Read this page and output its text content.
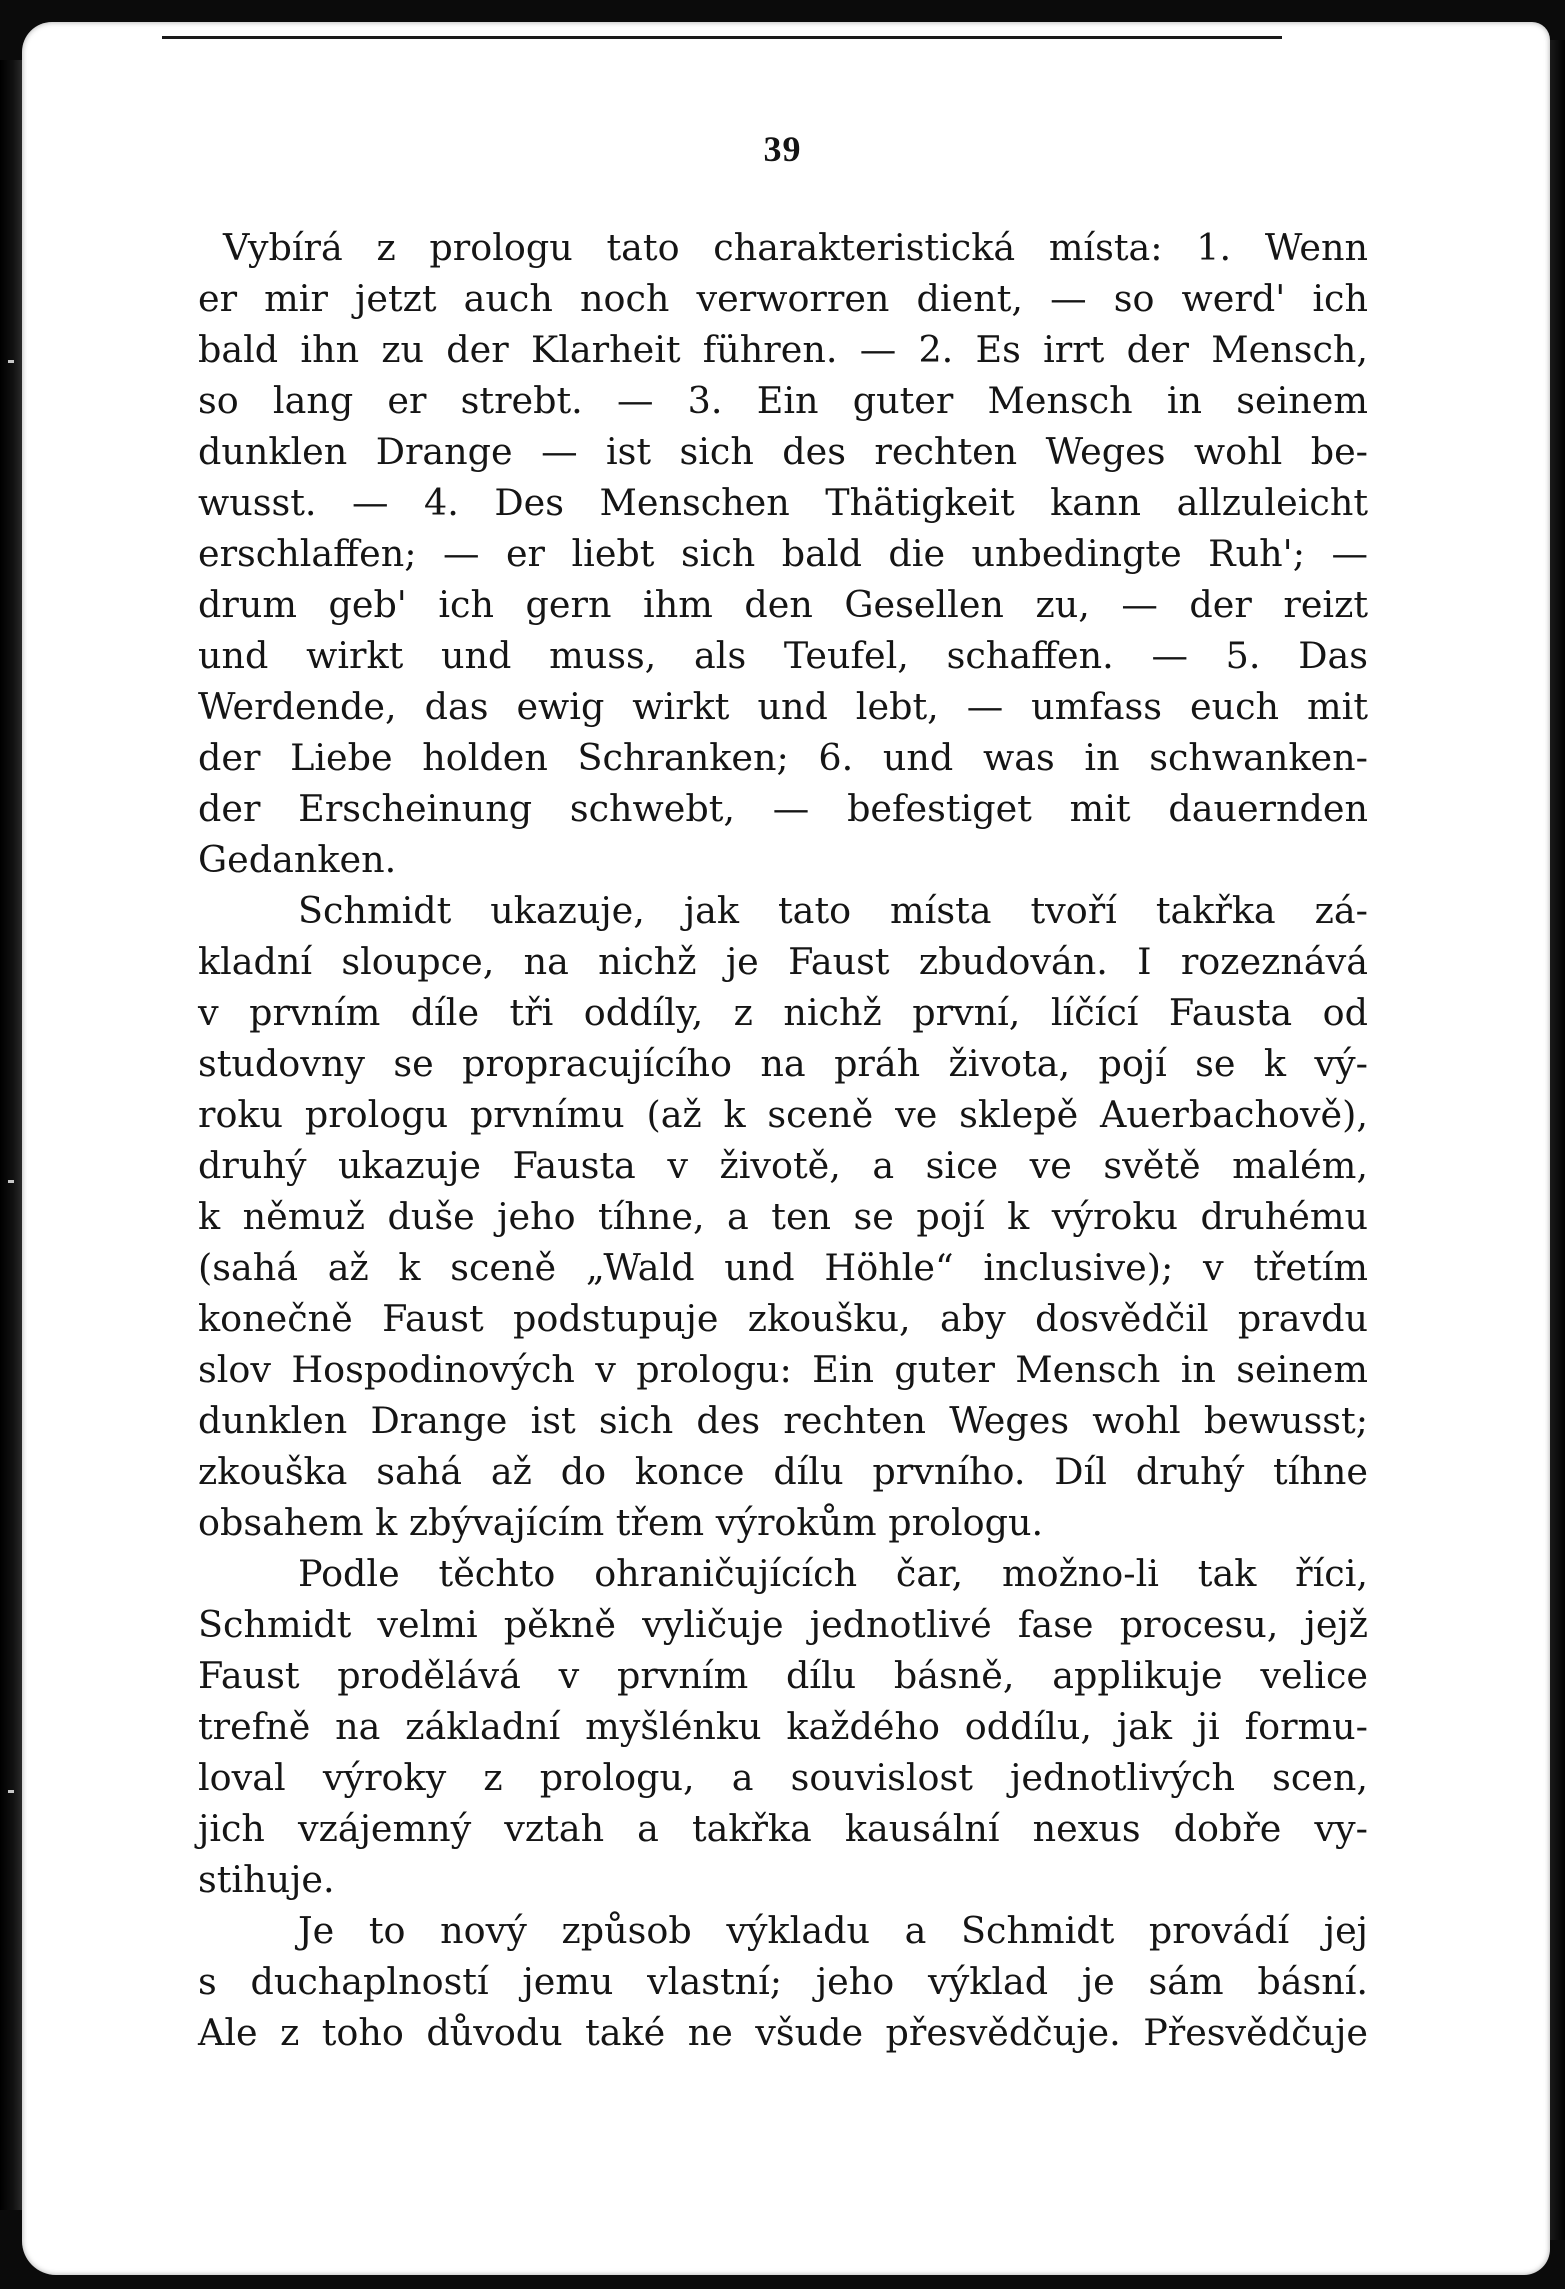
39
Vybírá z prologu tato charakteristická místa: 1. Wenn
er mir jetzt auch noch verworren dient, — so werd' ich
bald ihn zu der Klarheit führen. — 2. Es irrt der Mensch,
so lang er strebt. — 3. Ein guter Mensch in seinem
dunklen Drange — ist sich des rechten Weges wohl be-
wusst. — 4. Des Menschen Thätigkeit kann allzuleicht
erschlaffen; — er liebt sich bald die unbedingte Ruh'; —
drum geb' ich gern ihm den Gesellen zu, — der reizt
und wirkt und muss, als Teufel, schaffen. — 5. Das
Werdende, das ewig wirkt und lebt, — umfass euch mit
der Liebe holden Schranken; 6. und was in schwanken-
der Erscheinung schwebt, — befestiget mit dauernden
Gedanken.
Schmidt ukazuje, jak tato místa tvoří takřka zá-
kladní sloupce, na nichž je Faust zbudován. I rozeznává
v prvním díle tři oddíly, z nichž první, líčící Fausta od
studovny se propracujícího na práh života, pojí se k vý-
roku prologu prvnímu (až k sceně ve sklepě Auerbachově),
druhý ukazuje Fausta v životě, a sice ve světě malém,
k němuž duše jeho tíhne, a ten se pojí k výroku druhému
(sahá až k sceně „Wald und Höhle“ inclusive); v třetím
konečně Faust podstupuje zkoušku, aby dosvědčil pravdu
slov Hospodinových v prologu: Ein guter Mensch in seinem
dunklen Drange ist sich des rechten Weges wohl bewusst;
zkouška sahá až do konce dílu prvního. Díl druhý tíhne
obsahem k zbývajícím třem výrokům prologu.
Podle těchto ohraničujících čar, možno-li tak říci,
Schmidt velmi pěkně vyličuje jednotlivé fase procesu, jejž
Faust prodělává v prvním dílu básně, applikuje velice
trefně na základní myšlénku každého oddílu, jak ji formu-
loval výroky z prologu, a souvislost jednotlivých scen,
jich vzájemný vztah a takřka kausální nexus dobře vy-
stihuje.
Je to nový způsob výkladu a Schmidt provádí jej
s duchaplností jemu vlastní; jeho výklad je sám básní.
Ale z toho důvodu také ne všude přesvědčuje. Přesvědčuje
